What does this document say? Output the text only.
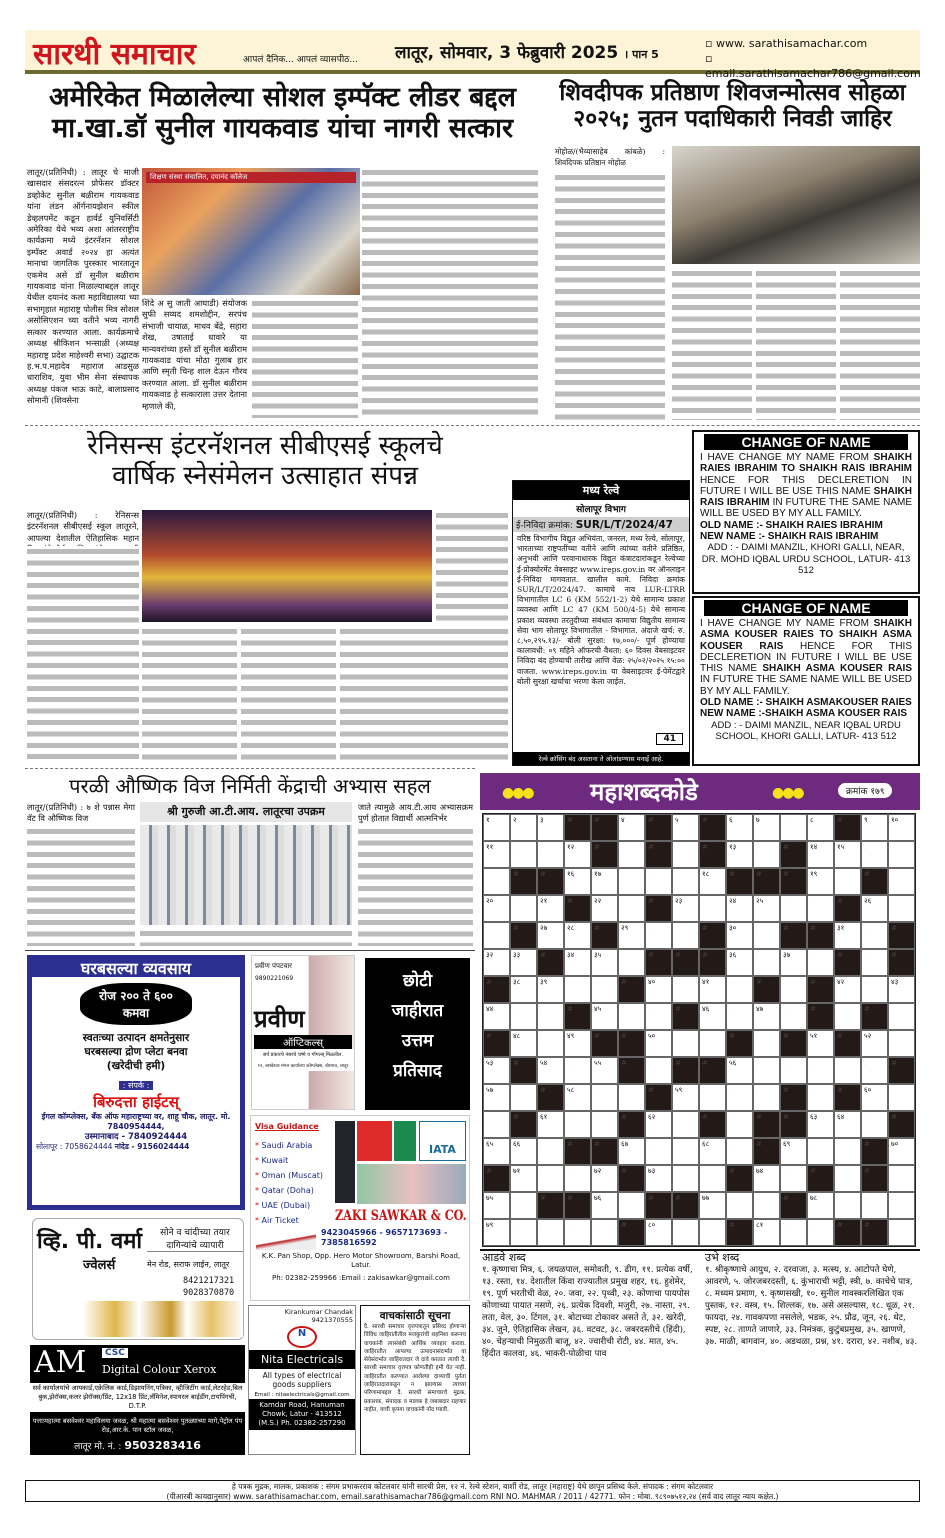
सारथी समाचार	आपलं दैनिक... आपलं व्यासपीठ... लातूर, सोमवार, 3 फेब्रुवारी 2025 । पान 5
▫ www. sarathisamachar.com
▫ email.sarathisamachar786@gmail.com
अमेरिकेत मिळालेल्या सोशल इम्पॅक्ट लीडर बद्दल
मा.खा.डॉ सुनील गायकवाड यांचा नागरी सत्कार
लातूर/(प्रतिनिधी) : लातूर चे माजी खासदार संसदरत्न प्रोफेसर डॉक्टर डव्होकेट सुनील बळीराम गायकवाड यांना लंडन ऑर्गनायझेशन स्कील डेव्हलपमेंट कडून हार्वर्ड युनिवर्सिटी अमेरिका येथे भव्य अशा आंतरराष्ट्रीय कार्यक्रमा मध्ये इंटरनॅशन सोशल इम्पॅक्ट अवार्ड २०२४ हा अत्यंत मानाचा जागतिक पुरस्कार भारतातून एकमेव असे डॉ सुनील बळीराम गायकवाड यांना मिळाल्याबद्दल लातूर येथील दयानंद कला महाविद्यालया च्या सभागृहात महाराष्ट्र पोलीस मित्र सोशल असोसिएशन च्या वतीने भव्य नागरी सत्कार करण्यात आला. कार्यक्रमाचे अध्यक्ष श्रीकिशन भन्साळी (अध्यक्ष महाराष्ट्र प्रदेश माहेश्वरी सभा) उद्घाटक ह.भ.प.महादेव महाराज आडसुळ धाराशिव, युवा भीम सेना संस्थापक अध्यक्ष पंकज भाऊ काटे, बालाप्रसाद सोमानी (शिवसेना
शिक्षण संस्था संचालित, दयानंद कॉलेज
शिंदे अ सु जाती आघाडी) संयोजक सुफी सय्यद शमशोद्दीन, सरपंच संभाजी चायाळ, माधव बेंद्रे, सहारा शेख, उषाताई धावारे या मान्यवरांच्या हस्ते डॉ सुनील बळीराम गायकवाड यांचा मोठा गुलाब हार आणि स्मृती चिन्ह शाल देऊन गौरव करण्यात आला. डॉ सुनील बळीराम गायकवाड हे सत्काराला उत्तर देताना म्हणाले की,
शिवदीपक प्रतिष्ठाण शिवजन्मोत्सव सोहळा
२०२५; नुतन पदाधिकारी निवडी जाहिर
मोहोळ/(भैय्यासाहेब कांबळे) : शिवदिपक प्रतिष्ठान मोहोळ
रेनिसन्स इंटरनॅशनल सीबीएसई स्कूलचे
वार्षिक स्नेसंमेलन उत्साहात संपन्न
लातूर/(प्रतिनिधी) : रेनिसन्स इंटरनॅशनल सीबीएसई स्कूल लातूरने, आपल्या देशातील ऐतिहासिक महान
मध्य रेल्वे
सोलापूर विभाग
ई-निविदा क्रमांक: SUR/L/T/2024/47
वरिष्ठ विभागीय विद्युत अभियंता, जनरल, मध्य रेल्वे, सोलापूर, भारताच्या राष्ट्रपतींच्या वतीने आणि त्यांच्या वतीने प्रतिष्ठित, अनुभवी आणि परवानाधारक विद्युत कंत्राटदारांकडून रेल्वेच्या ई-प्रोक्योरमेंट वेबसाइट www.ireps.gov.in वर ऑनलाइन ई-निविदा मागवतात. खालील कामे. निविदा क्रमांक SUR/L/T/2024/47. कामाचे नाव LUR-LTRR विभागातील LC 6 (KM 552/1-2) येथे सामान्य प्रकाश व्यवस्था आणि LC 47 (KM 500/4-5) येथे सामान्य प्रकाश व्यवस्था तरतुदीच्या संबंधात कामाचा विद्युतीय सामान्य सेवा भाग सोलापूर विभागातील - विभागात. अंदाजे खर्च: रु. ८,५०,२९५.१३/- बोली सुरक्षा: १७,०००/- पूर्ण होण्याचा कालावधी: ०९ महिने ऑफरची वैधता: ६० दिवस वेबसाइटवर निविदा बंद होण्याची तारीख आणि वेळ: २५/०२/२०२५ १५:०० वाजता. www.ireps.gov.in या वेबसाइटवर ई-पेमेंटद्वारे बोली सुरक्षा खर्चाचा भरणा केला जाईल.
41
रेल्वे क्रॉसिंग बंद असताना ते ओलांडण्यास मनाई आहे.
CHANGE OF NAME
I HAVE CHANGE MY NAME FROM SHAIKH RAIES IBRAHIM TO SHAIKH RAIS IBRAHIM HENCE FOR THIS DECLERETION IN FUTURE I WILL BE USE THIS NAME SHAIKH RAIS IBRAHIM IN FUTURE THE SAME NAME WILL BE USED BY MY ALL FAMILY.
OLD NAME :- SHAIKH RAIES IBRAHIM
NEW NAME :- SHAIKH RAIS IBRAHIM
ADD : - DAIMI MANZIL, KHORI GALLI, NEAR, DR. MOHD IQBAL URDU SCHOOL, LATUR- 413 512
CHANGE OF NAME
I HAVE CHANGE MY NAME FROM SHAIKH ASMA KOUSER RAIES TO SHAIKH ASMA KOUSER RAIS HENCE FOR THIS DECLERETION IN FUTURE I WILL BE USE THIS NAME SHAIKH ASMA KOUSER RAIS IN FUTURE THE SAME NAME WILL BE USED BY MY ALL FAMILY.
OLD NAME :- SHAIKH ASMAKOUSER RAIES
NEW NAME :-SHAIKH ASMA KOUSER RAIS
ADD : - DAIMI MANZIL, NEAR IQBAL URDU SCHOOL, KHORI GALLI, LATUR- 413 512
परळी औष्णिक विज निर्मिती केंद्राची अभ्यास सहल
लातूर/(प्रतिनिधी) : ७ शे पन्नास मेगा वॅट वि औष्णिक विज
श्री गुरुजी आ.टी.आय. लातूरचा उपक्रम	जाते त्यामुळे आय.टी.आय अभ्यासक्रम पुर्ण होतात विद्यार्थी आत्मनिर्भर
घरबसल्या व्यवसाय
रोज २०० ते ६०० कमवा
स्वतःच्या उत्पादन क्षमतेनुसार
घरबसल्या द्रोण प्लेटा बनवा
(खरेदीची हमी)
: संपर्क :
बिरुदत्ता हाईटस्
ईगल कॉम्प्लेक्स, बँक ऑफ महाराष्ट्रच्या वर, शाहू चौक, लातूर. मो. 7840954444,
उस्मानाबाद - 7840924444
सोलापूर : 7058624444 नांदेड - 9156024444
प्रवीण पंपटवार
9890221069
प्रवीण
ऑप्टिकल्स्
सर्व प्रकारचे नंबरचे चष्मे व गॉगल्स् मिळतील.
१२, बसवेश्वर मंगल कार्यालय कॉम्प्लेक्स, बोरगाव, लातूर
छोटी
जाहीरात
उत्तम
प्रतिसाद
Visa Guidance
* Saudi Arabia
* Kuwait
* Oman (Muscat)
* Qatar (Doha)
* UAE (Dubai)
* Air Ticket
IATA
ZAKI SAWKAR & CO.
9423045966 - 9657173693 - 7385816592
K.K. Pan Shop, Opp. Hero Motor Showroom, Barshi Road, Latur.
Ph: 02382-259966 :Email : zakisawkar@gmail.com
व्हि. पी. वर्मा
ज्वेलर्स
सोने व चांदीच्या तयार दागिन्यांचे व्यापारी
मेन रोड, सराफ लाईन, लातूर
8421217321
9028370870
AM	CSC
Digital Colour Xerox
सर्व कार्यालयांचे आयकार्ड,एक्रेलिक कार्ड,डिझायनिंग,पत्रिका, व्हीजिटींग कार्ड,लेटरहेड,बिल बुक,झेरॉक्स,कलर झेरॉक्स/प्रिंट, 12x18 प्रिंट,लॅमिनेश,स्पायरल बाईडींग,टायपिंगची, D.T.P.
पत्ताःमहात्मा बसवेश्वर महाविलया जवळ, श्री महात्मा बसवेश्वर पुतळ्याच्या मागे,पेट्रोल पंप रोड,आर.के. पान स्टॉल जवळ,
लातूर मो. नं. : 9503283416
Kirankumar Chandak
9421370555
N
Nita Electricals
All types of electrical goods suppliers
Email : nitaelectricals@gmail.com
Kamdar Road, Hanuman Chowk, Latur - 413512 (M.S.) Ph. 02382-257290
वाचकांसाठी सूचना
दै. सारथी समाचार वृत्तपत्रातून प्रसिध्द होणाऱ्या विविध जाहिरातीतील मजकुरांची शहनिशा करूनच वाचकांनी त्यासंबंधी आर्थिक व्यवहार करावा. जाहिरातीत आपल्या उत्पादनासंदर्भात वा सेवेसंदर्भात जाहिरातदार जे दावे करतात त्याची दै. सारथी समाचार वृत्तपत्र कोणतीही हमी घेत नाही. जाहिरातीत करण्यात आलेल्या दाव्याची पुर्तता जाहिरातदाराकडून न झाल्यास त्याच्या परिणामाबद्दल दै. सारथी समाचारचे मुद्रक, प्रकाशक, संपादक व मालक हे जबाबदार राहणार नाहीत, याची कृपया वाचकांनी नोंद घ्यावी.
●●● महाशब्दकोडे	●●●	क्रमांक १७९
१	२	३	#	#	४	#	५	#	६	७	.	८	#	९	१०
११	.	.	१२	#	.	#	.	#	१३	.	#	१४	१५	.	.
.	#	#	१६	१७	.	.	.	१८	#	#	#	१९	.	#	.
२०	.	२१	#	२२	.	#	२३	.	२४	२५	.	.	#	२६	.
.	#	२७	२८	#	२९	.	.	#	३०	.	#	#	३१	.	#
३२	३३	#	३४	३५	.	#	#	#	३६	.	३७	.	#	.	#
#	३८	३९	.	.	#	४०	.	४१	.	#	.	#	४२	.	४३
४४	.	.	#	४५	.	.	#	४६	.	४७	.	#	.	#	.
#	४८	.	४९	#	#	५०	.	.	#	.	#	५१	#	५२	.
५३	#	५४	.	५५	#	.	#	#	५६	.	.	.	.	.	#
५७	.	#	५८	.	.	#	५९	.	.	.	#	.	#	६०	.
.	#	६१	.	.	#	६२	.	#	.	#	#	६३	६४	.	#
६५	६६	.	#	#	६७	.	.	६८	.	#	६९	.	.	#	७०
#	७१	.	.	७२	#	७३	.	.	#	७४	.	#	.	#	.
७५	.	#	#	७६	.	#	#	७७	.	.	#	७८	.	.	.
७९	.	.	.	.	#	८०	.	.	#	८१	.	.	#	#	.
आडवे शब्द
१. कृष्णाचा मित्र, ६. जयळपाल, समोवती, ९. ढीग, ११. प्रत्येक वर्षी, १३. रस्ता, १४. देशातील किंवा राज्यातील प्रमुख शहर, १६. हुशेमेर, १९. पूर्ण भरतीची वेळ, २०. जवा, २२. पृथ्वी, २३. कोणाचा पायपोस कोणाच्या पायात नसणे, २६. प्रत्येक दिवशी, मजुरी, २७. नास्ता, २९. लता, वेल, ३०. टिंगल, ३१. बोटाच्या टोकावर असते ते, ३२. खरेदी, ३४. जुने, ऐतिहासिक लेखन, ३६. वटवट, ३८. जबरदस्तीचे (हिंदी), ४०. चेहऱ्याची निमुळती बाजू, ४२. ज्वारीची रोटी, ४४. मात, ४५. हिंदीत कालवा, ४६. भाकरी-पोळीचा पाव
उभे शब्द
१. श्रीकृष्णाचे आयुध, २. दरवाजा, ३. मत्स्य, ४. आटोपते घेणे, आवरणे, ५. जोरजबरदस्ती, ६. कुंभाराची भट्टी, स्त्री, ७. काचेचे पात्र, ८. मध्यम प्रमाण, ९. कृष्णसखी, १०. सुनील गावस्करलिखित एक पुस्तक, १२. वस्त्र, १५. शिल्लक, १७. असे असल्यास, १८. धूळ, २१. फायदा, २४. गावकपणा नसलेले, भडक, २५. प्रौढ, जून, २६. थेट, स्पष्ट, २८. ताणते जाणारे, ३३. निमंत्रक, कुटुंबप्रमुख, ३५. खाणणे, ३७. माळी, बागवान, ४०. अडथळा, प्रश्न, ४१. दरारा, ४२. नशीब, ४३.
हे पत्रक मुद्रक, मालक, प्रकाशक : संगम प्रभाकरराव कोटलवार यांनी सारथी प्रेस, १२ नं. रेल्वे स्टेशन, बार्शी रोड, लातूर (महाराष्ट्र) येथे छापून प्रसिध्द केले. संपादक : संगम कोटलवार
(पीआरबी कायद्यानुसार) www. sarathisamachar.com, email.sarathisamachar786@gmail.com RNI NO. MAHMAR / 2011 / 42771. फोन : मोबा. ९८९०७५१२,२४ (सर्व वाद लातूर न्याय कक्षेत.)
